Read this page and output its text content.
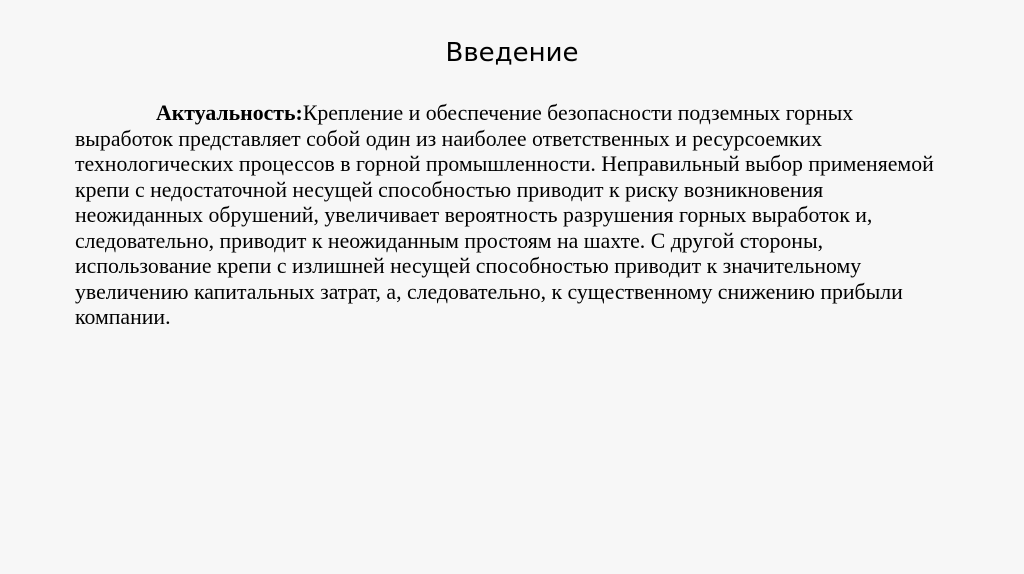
Введение
Актуальность:Крепление и обеспечение безопасности подземных горных выработок представляет собой один из наиболее ответственных и ресурсоемких технологических процессов в горной промышленности. Неправильный выбор применяемой крепи с недостаточной несущей способностью приводит к риску возникновения неожиданных обрушений, увеличивает вероятность разрушения горных выработок и, следовательно, приводит к неожиданным простоям на шахте. С другой стороны, использование крепи с излишней несущей способностью приводит к значительному увеличению капитальных затрат, а, следовательно, к существенному снижению прибыли компании.
